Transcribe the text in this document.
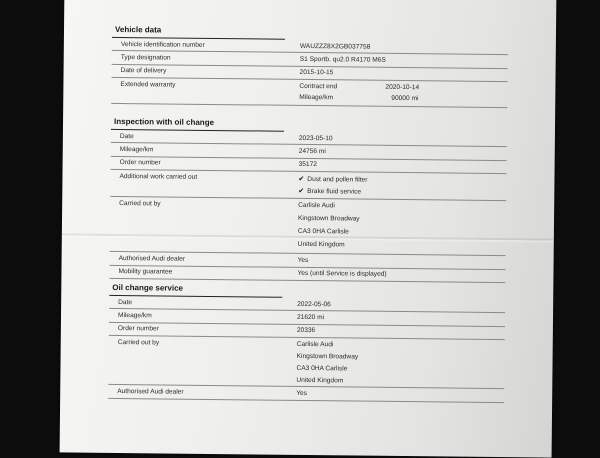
Vehicle data
Vehicle identification number	WAUZZZ8X2GB037758
Type designation	S1 Sportb. qu2.0 R4170 M6S
Date of delivery	2015-10-15
Extended warranty	Contract end	2020-10-14
Mileage/km	90000 mi
Inspection with oil change
Date	2023-05-10
Mileage/km	24756 mi
Order number	35172
Additional work carried out	✔ Dust and pollen filter
✔ Brake fluid service
Carried out by	Carlisle Audi
Kingstown Broadway
CA3 0HA Carlisle
United Kingdom
Authorised Audi dealer	Yes
Mobility guarantee	Yes (until Service is displayed)
Oil change service
Date	2022-05-06
Mileage/km	21620 mi
Order number	20336
Carried out by	Carlisle Audi
Kingstown Broadway
CA3 0HA Carlisle
United Kingdom
Authorised Audi dealer	Yes
